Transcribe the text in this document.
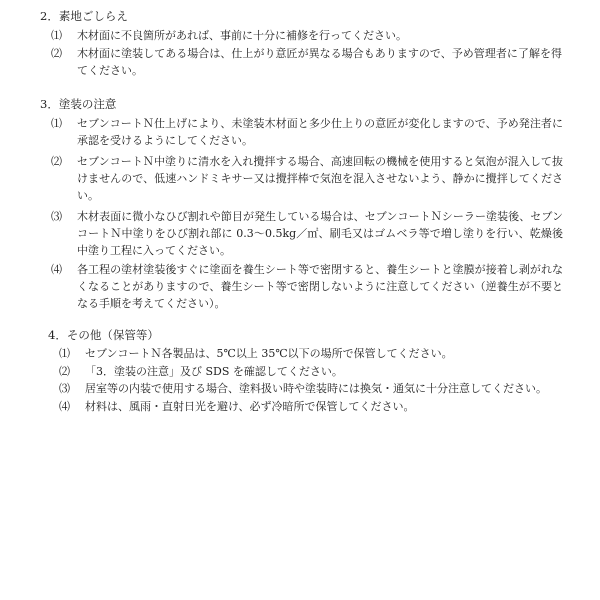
2．素地ごしらえ
⑴ 木材面に不良箇所があれば、事前に十分に補修を行ってください。
⑵ 木材面に塗装してある場合は、仕上がり意匠が異なる場合もありますので、予め管理者に了解を得てください。
3．塗装の注意
⑴ セブンコートＮ仕上げにより、未塗装木材面と多少仕上りの意匠が変化しますので、予め発注者に承認を受けるようにしてください。
⑵ セブンコートＮ中塗りに清水を入れ攪拌する場合、高速回転の機械を使用すると気泡が混入して抜けませんので、低速ハンドミキサー又は攪拌棒で気泡を混入させないよう、静かに攪拌してください。
⑶ 木材表面に微小なひび割れや節目が発生している場合は、セブンコートＮシーラー塗装後、セブンコートＮ中塗りをひび割れ部に 0.3～0.5kg／㎡、刷毛又はゴムベラ等で増し塗りを行い、乾燥後中塗り工程に入ってください。
⑷ 各工程の塗材塗装後すぐに塗面を養生シート等で密閉すると、養生シートと塗膜が接着し剥がれなくなることがありますので、養生シート等で密閉しないように注意してください（逆養生が不要となる手順を考えてください）。
4．その他（保管等）
⑴ セブンコートＮ各製品は、5℃以上 35℃以下の場所で保管してください。
⑵ 「3．塗装の注意」及び SDS を確認してください。
⑶ 居室等の内装で使用する場合、塗料扱い時や塗装時には換気・通気に十分注意してください。
⑷ 材料は、風雨・直射日光を避け、必ず冷暗所で保管してください。
